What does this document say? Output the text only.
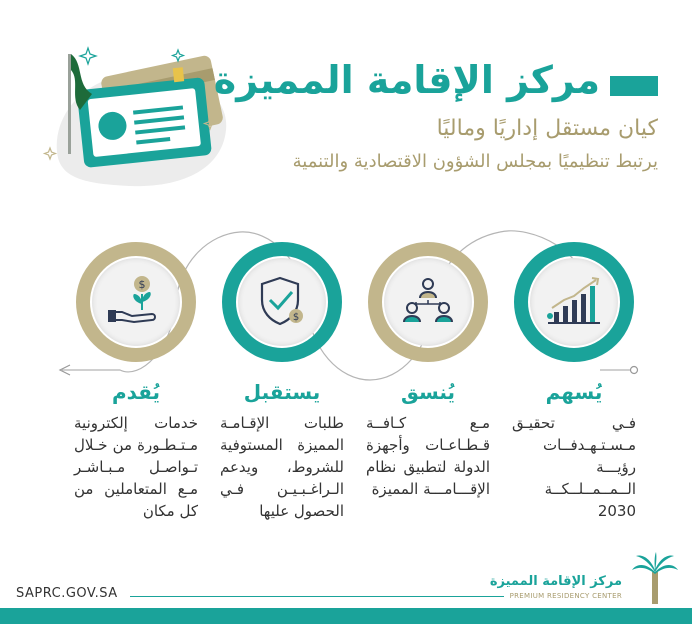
مركز الإقامة المميزة
كيان مستقل إداريًا وماليًا
يرتبط تنظيميًا بمجلس الشؤون الاقتصادية والتنمية
$
$
يُسهم
يُنسق
يستقبل
يُقدم
فـي تحقيـق مـسـتـهـدفــات رؤيـــة الــمــمــلــكــة 2030
مـع كـافــة قـطـاعـات وأجهزة الدولة لتطبيق نظام الإقـــامـــة المميزة
طلبات الإقـامـة المميزة المستوفية للشروط، ويدعم الـراغـبـيـن فـي الحصول عليها
خدمات إلكترونية مـتـطـورة من خـلال تـواصـل مـبـاشـر مـع المتعاملين من كل مكان
SAPRC.GOV.SA
مركز الإقامة المميزة
PREMIUM RESIDENCY CENTER
